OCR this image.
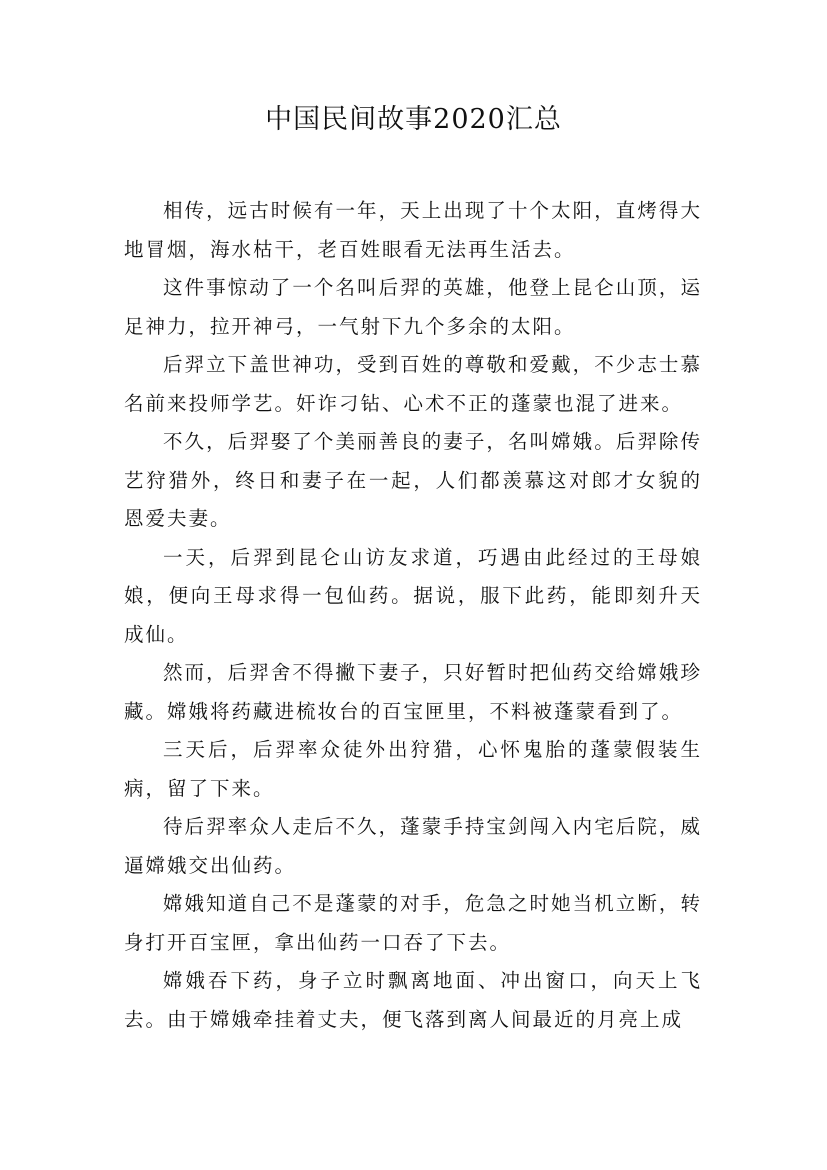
中国民间故事2020汇总

相传，远古时候有一年，天上出现了十个太阳，直烤得大地冒烟，海水枯干，老百姓眼看无法再生活去。

这件事惊动了一个名叫后羿的英雄，他登上昆仑山顶，运足神力，拉开神弓，一气射下九个多余的太阳。

后羿立下盖世神功，受到百姓的尊敬和爱戴，不少志士慕名前来投师学艺。奸诈刁钻、心术不正的蓬蒙也混了进来。

不久，后羿娶了个美丽善良的妻子，名叫嫦娥。后羿除传艺狩猎外，终日和妻子在一起，人们都羡慕这对郎才女貌的恩爱夫妻。

一天，后羿到昆仑山访友求道，巧遇由此经过的王母娘娘，便向王母求得一包仙药。据说，服下此药，能即刻升天成仙。

然而，后羿舍不得撇下妻子，只好暂时把仙药交给嫦娥珍藏。嫦娥将药藏进梳妆台的百宝匣里，不料被蓬蒙看到了。

三天后，后羿率众徒外出狩猎，心怀鬼胎的蓬蒙假装生病，留了下来。

待后羿率众人走后不久，蓬蒙手持宝剑闯入内宅后院，威逼嫦娥交出仙药。

嫦娥知道自己不是蓬蒙的对手，危急之时她当机立断，转身打开百宝匣，拿出仙药一口吞了下去。

嫦娥吞下药，身子立时飘离地面、冲出窗口，向天上飞去。由于嫦娥牵挂着丈夫，便飞落到离人间最近的月亮上成
